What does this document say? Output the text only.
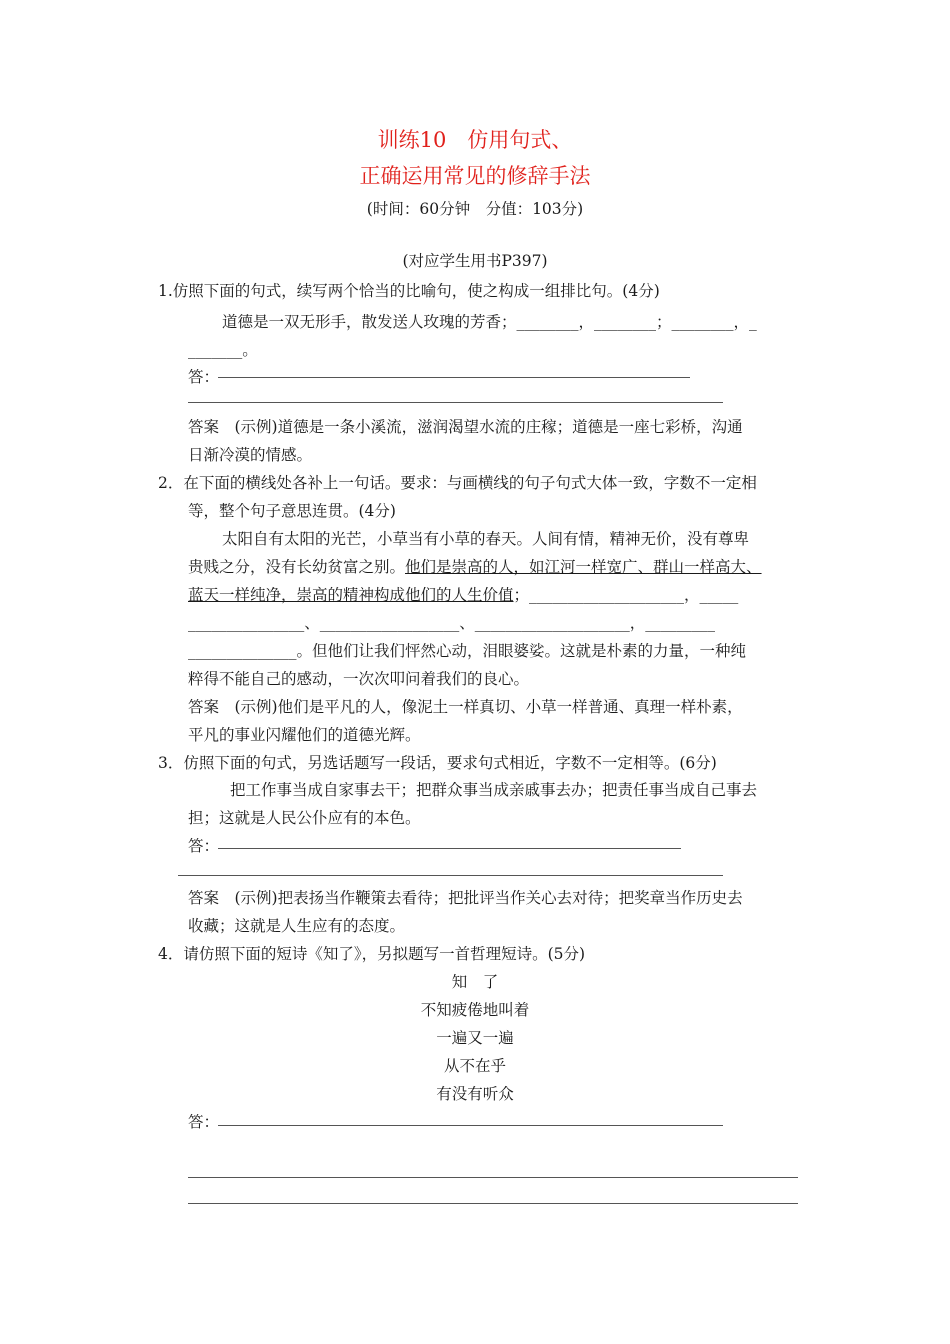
训练10　仿用句式、
正确运用常见的修辞手法
(时间：60分钟　分值：103分)
(对应学生用书P397)
1.仿照下面的句式，续写两个恰当的比喻句，使之构成一组排比句。(4分)
道德是一双无形手，散发送人玫瑰的芳香；________，________；________，_
_______。
答：
答案　(示例)道德是一条小溪流，滋润渴望水流的庄稼；道德是一座七彩桥，沟通
日渐冷漠的情感。
2．在下面的横线处各补上一句话。要求：与画横线的句子句式大体一致，字数不一定相
等，整个句子意思连贯。(4分)
太阳自有太阳的光芒，小草当有小草的春天。人间有情，精神无价，没有尊卑
贵贱之分，没有长幼贫富之别。他们是崇高的人，如江河一样宽广、群山一样高大、
蓝天一样纯净，崇高的精神构成他们的人生价值；____________________，_____
_______________、__________________、____________________，_________
______________。但他们让我们怦然心动，泪眼婆娑。这就是朴素的力量，一种纯
粹得不能自己的感动，一次次叩问着我们的良心。
答案　(示例)他们是平凡的人，像泥土一样真切、小草一样普通、真理一样朴素，
平凡的事业闪耀他们的道德光辉。
3．仿照下面的句式，另选话题写一段话，要求句式相近，字数不一定相等。(6分)
把工作事当成自家事去干；把群众事当成亲戚事去办；把责任事当成自己事去
担；这就是人民公仆应有的本色。
答：
答案　(示例)把表扬当作鞭策去看待；把批评当作关心去对待；把奖章当作历史去
收藏；这就是人生应有的态度。
4．请仿照下面的短诗《知了》，另拟题写一首哲理短诗。(5分)
知　了
不知疲倦地叫着
一遍又一遍
从不在乎
有没有听众
答：
